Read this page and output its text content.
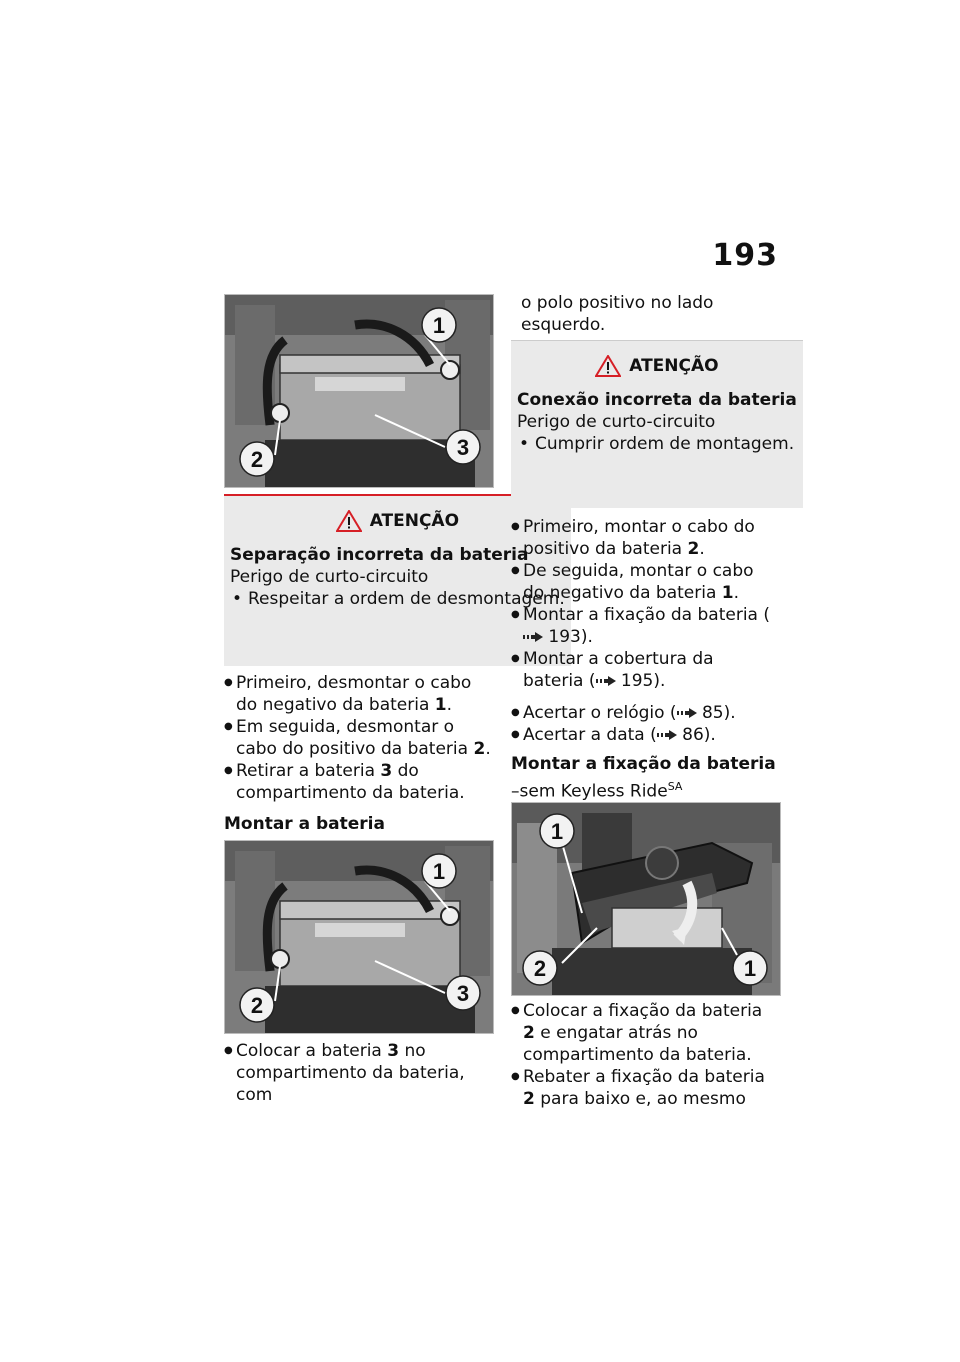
193
1
2	3
ATENÇÃO
Separação incorreta da bateria
Perigo de curto-circuito
• Respeitar a ordem de desmontagem.

● Primeiro, desmontar o cabo do negativo da bateria 1.

● Em seguida, desmontar o cabo do positivo da bateria 2.

● Retirar a bateria 3 do compartimento da bateria.

Montar a bateria
1
2	3

● Colocar a bateria 3 no compartimento da bateria, com

o polo positivo no lado esquerdo.
ATENÇÃO
Conexão incorreta da bateria
Perigo de curto-circuito
• Cumprir ordem de montagem.

● Primeiro, montar o cabo do positivo da bateria 2.

● De seguida, montar o cabo do negativo da bateria 1.

● Montar a fixação da bateria ( 193).

● Montar a cobertura da bateria ( 195).

● Acertar o relógio ( 85).

● Acertar a data ( 86).

Montar a fixação da bateria
–sem Keyless Ride$^{SA}$
1
2	1

● Colocar a fixação da bateria 2 e engatar atrás no compartimento da bateria.

● Rebater a fixação da bateria 2 para baixo e, ao mesmo
